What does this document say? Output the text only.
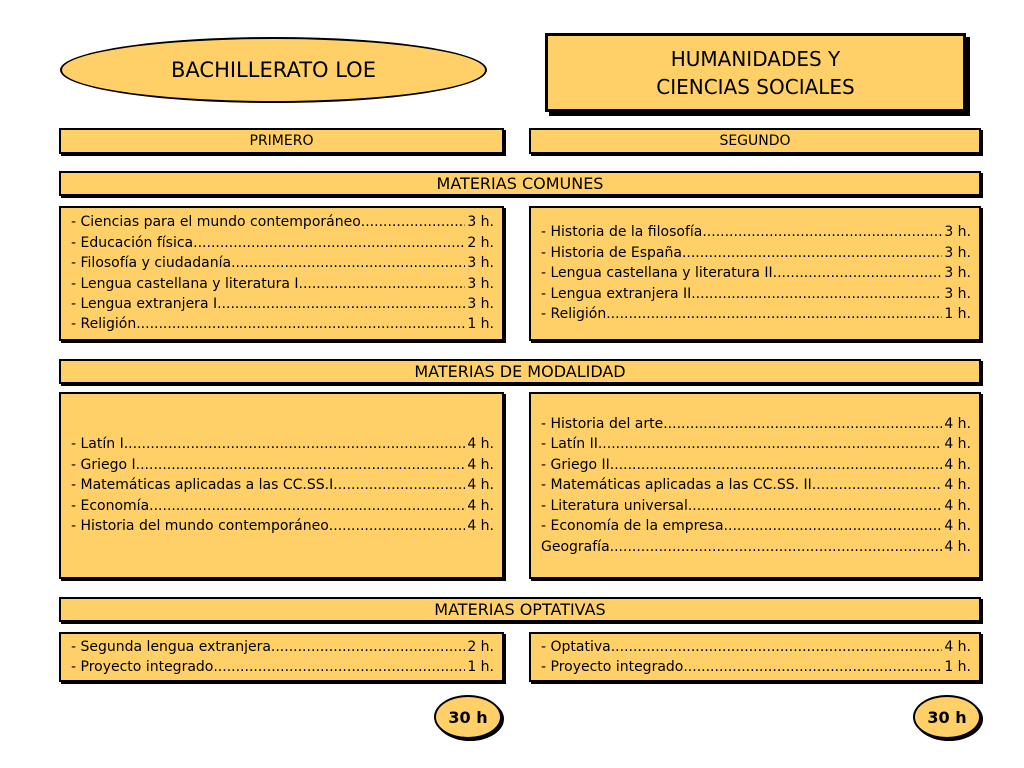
BACHILLERATO LOE	HUMANIDADES Y
CIENCIAS SOCIALES
PRIMERO	SEGUNDO
MATERIAS COMUNES
- Ciencias para el mundo contemporáneo .....	3 h.
- Educación física .....	2 h.
- Filosofía y ciudadanía .....	3 h.
- Lengua castellana y literatura I .....	3 h.
- Lengua extranjera I .....	3 h.
- Religión .....	1 h.
- Historia de la filosofía .....	3 h.
- Historia de España .....	3 h.
- Lengua castellana y literatura II .....	3 h.
- Lengua extranjera II .....	3 h.
- Religión .....	1 h.
MATERIAS DE MODALIDAD
- Latín I .....	4 h.
- Griego I .....	4 h.
- Matemáticas aplicadas a las CC.SS.I .....	4 h.
- Economía .....	4 h.
- Historia del mundo contemporáneo .....	4 h.
- Historia del arte .....	4 h.
- Latín II .....	4 h.
- Griego II .....	4 h.
- Matemáticas aplicadas a las CC.SS. II .....	4 h.
- Literatura universal .....	4 h.
- Economía de la empresa .....	4 h.
Geografía .....	4 h.
MATERIAS OPTATIVAS
- Segunda lengua extranjera .....	2 h.
- Proyecto integrado .....	1 h.
- Optativa .....	4 h.
- Proyecto integrado .....	1 h.
30 h	30 h
